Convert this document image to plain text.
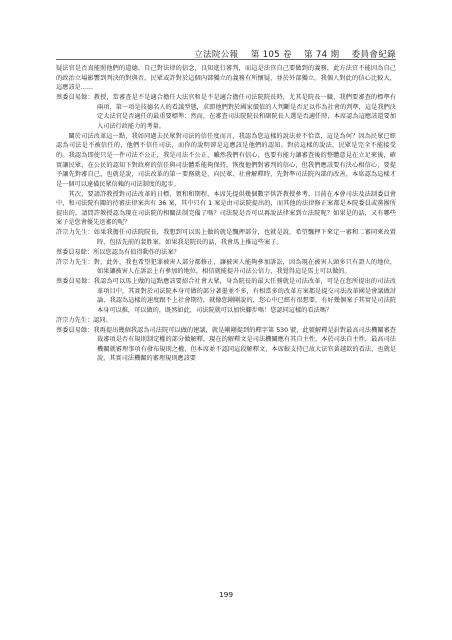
立法院公報 第 105 卷 第 74 期 委員會紀錄

疑法官是否真能照他們的道德、自己對法律的信念，良知進行審判，而這是法官自己要做到的義務，此方法官不能因為自己的政治立場影響到判決的對與否。民眾或許對於這個內部獨立的義務有所懷疑，並於外部獨立。我個人對此的信心比較大，這應該是……

蔡委員易餘：教授，當審查是不是適合擔任大法官和是不是適合擔任司法院院長時，尤其是院長一職，我們要審查的標準有兩項，第一項是技德名人的看議型態，求即他們對於國家價值的人判斷是否足以作為社會的判準，這是我們決定大法官是否適任的最重要標準；然而，在審查司法院院長和副院長人選是否適任時，本席認為這應該還要加入司法行政能力的考量。

關於司法改革這一點，我如同過去民眾對司法的信任度而言，我認為您這樣的說法並不恰當，這是為何？因為民眾已經認為司法是不被信任的，他們不信任司法，而你的說明卻是這應該是他們的認知。對於這樣的說法，民眾是完全不能接受的。我認為即使只是一件司法不公正，我是司法不公正，雖然我們有信心，也要有能力讓審查後的整體意見在立足來後，確實讓民眾，在公民的認知下對政府的信任與司法體系能夠保持，恢復他們對審判的信心，但我們應該要有決心相信心，要提予讓先對審自己，也就是說，司法改革的第一要務就是，向民眾、社會解釋時，先對準司法院內部的改善，本席認為這樣才是一個可以達備民眾信賴的司法制度的起步。

其次，要請許教授對司法改革的日標，領和和期程，本席先提供幾個數字供許教授參考。目前在本會司法及法制委員會中，和司法院有關的待審法律案共有 36 案，其中只有 1 案是由司法院提出的，而其他的法律修正案都是本院委員或黨團所提出的。請問許教授認為現在司法院的相關法制完備了嗎？司法院是否可以再說法律案到立法院呢？如果是的話，又有哪些案子是您會優先送審的呢？

許宗力先生：如果我擔任司法院院長，我想到可以馬上做的就是飄押部分，也就是說，希望飄押下來定一審和二審同來改置時，包括先前的裴胜案，如果我是院長的話，我會馬上推這些案子。

蔡委員易餘：所以您認為有值得動作的法案？

許宗力先生：對，此外，我也希望犯罪被害人部分都修正，讓被害人能夠參加訴訟，因為現在被害人頭多只有證人的地位，如果讓被害人在訴訟上有參加的地位，相信就能提升司法公信力，我覺得這是馬上可以做的。

蔡委員易餘：我認為可以馬上做的這點應該要紹合社會大眾，身為院長的最大任務就是司法改革，可是在您所提出的司法改革項目中，其實對於司法院本身可做的部分著墨並不多，有相當多的改革方案都是提交司法改革國是會議做討論，我認為這樣的速度跟不上社會期待，就像您剛剛說的，您心中已經有很想要，有好幾個案子其實是司法院本身可以推，可以做的，既然如此，司法院就可以加快腳步嗎！您認同這樣的看法嗎？

許宗力先生：認同。

蔡委員易餘：我再提出幾個我認為司法院可以做的建議，就是剛剛提到的釋字第 530 號，此號解釋是針對最高司法機關審查裁審項是否有規則制定權的部分做解釋，現在的解釋文是司法機關應有其自主性，本於司法自主性，最高司法機關就審理事項有發布規則之權，但本席並不認同這段解釋文，本席較支持已故大法官黃越欽的看法，也就是說，其實司法機關的審理規則應該要

199
